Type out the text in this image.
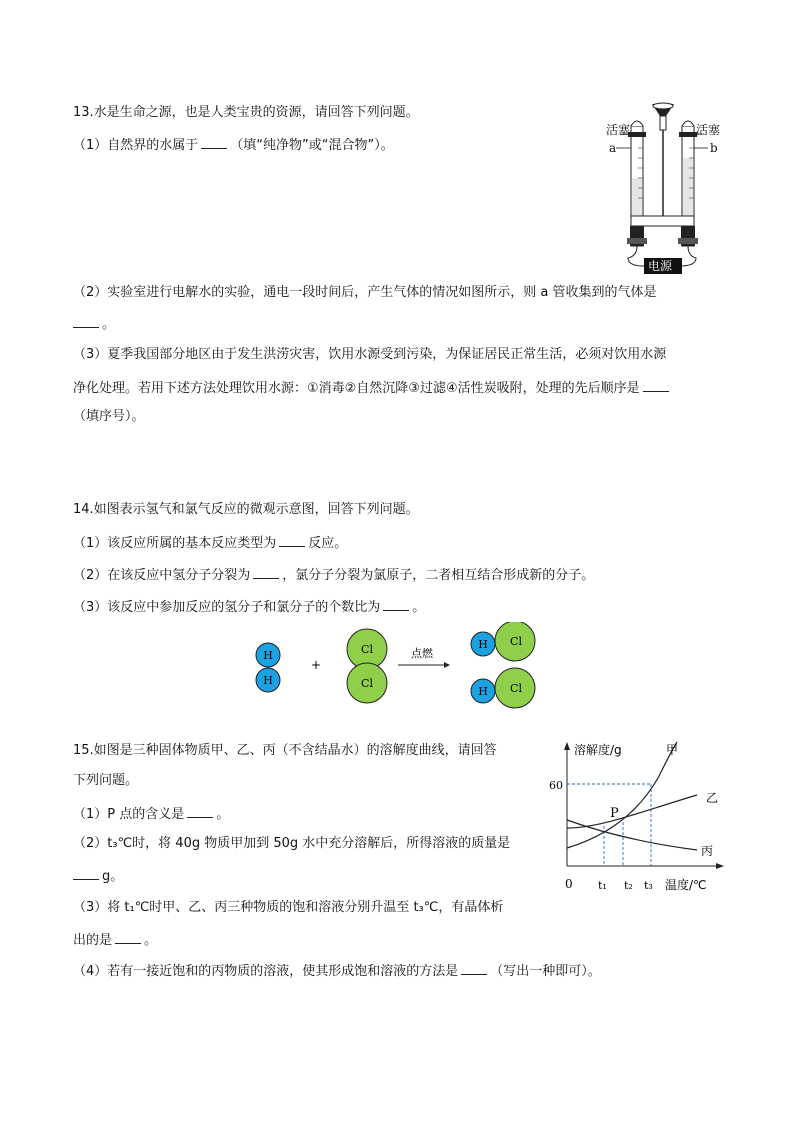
13.水是生命之源，也是人类宝贵的资源，请回答下列问题。
（1）自然界的水属于 （填“纯净物”或“混合物”）。
（2）实验室进行电解水的实验，通电一段时间后，产生气体的情况如图所示，则 a 管收集到的气体是
。
（3）夏季我国部分地区由于发生洪涝灾害，饮用水源受到污染，为保证居民正常生活，必须对饮用水源
净化处理。若用下述方法处理饮用水源：①消毒②自然沉降③过滤④活性炭吸附，处理的先后顺序是
（填序号）。
活塞	活塞
a	b
电源
14.如图表示氢气和氯气反应的微观示意图，回答下列问题。
（1）该反应所属的基本反应类型为 反应。
（2）在该反应中氢分子分裂为 ，氯分子分裂为氯原子，二者相互结合形成新的分子。
（3）该反应中参加反应的氢分子和氯分子的个数比为 。
H
H
+
Cl
Cl
点燃
H Cl
H Cl
15.如图是三种固体物质甲、乙、丙（不含结晶水）的溶解度曲线，请回答
下列问题。
（1）P 点的含义是 。
（2）t₃℃时，将 40g 物质甲加到 50g 水中充分溶解后，所得溶液的质量是
g。
（3）将 t₁℃时甲、乙、丙三种物质的饱和溶液分别升温至 t₃℃，有晶体析
出的是 。
（4）若有一接近饱和的丙物质的溶液，使其形成饱和溶液的方法是 （写出一种即可）。
溶解度/g	甲
乙
丙
60
P
0 t₁ t₂ t₃ 温度/℃
